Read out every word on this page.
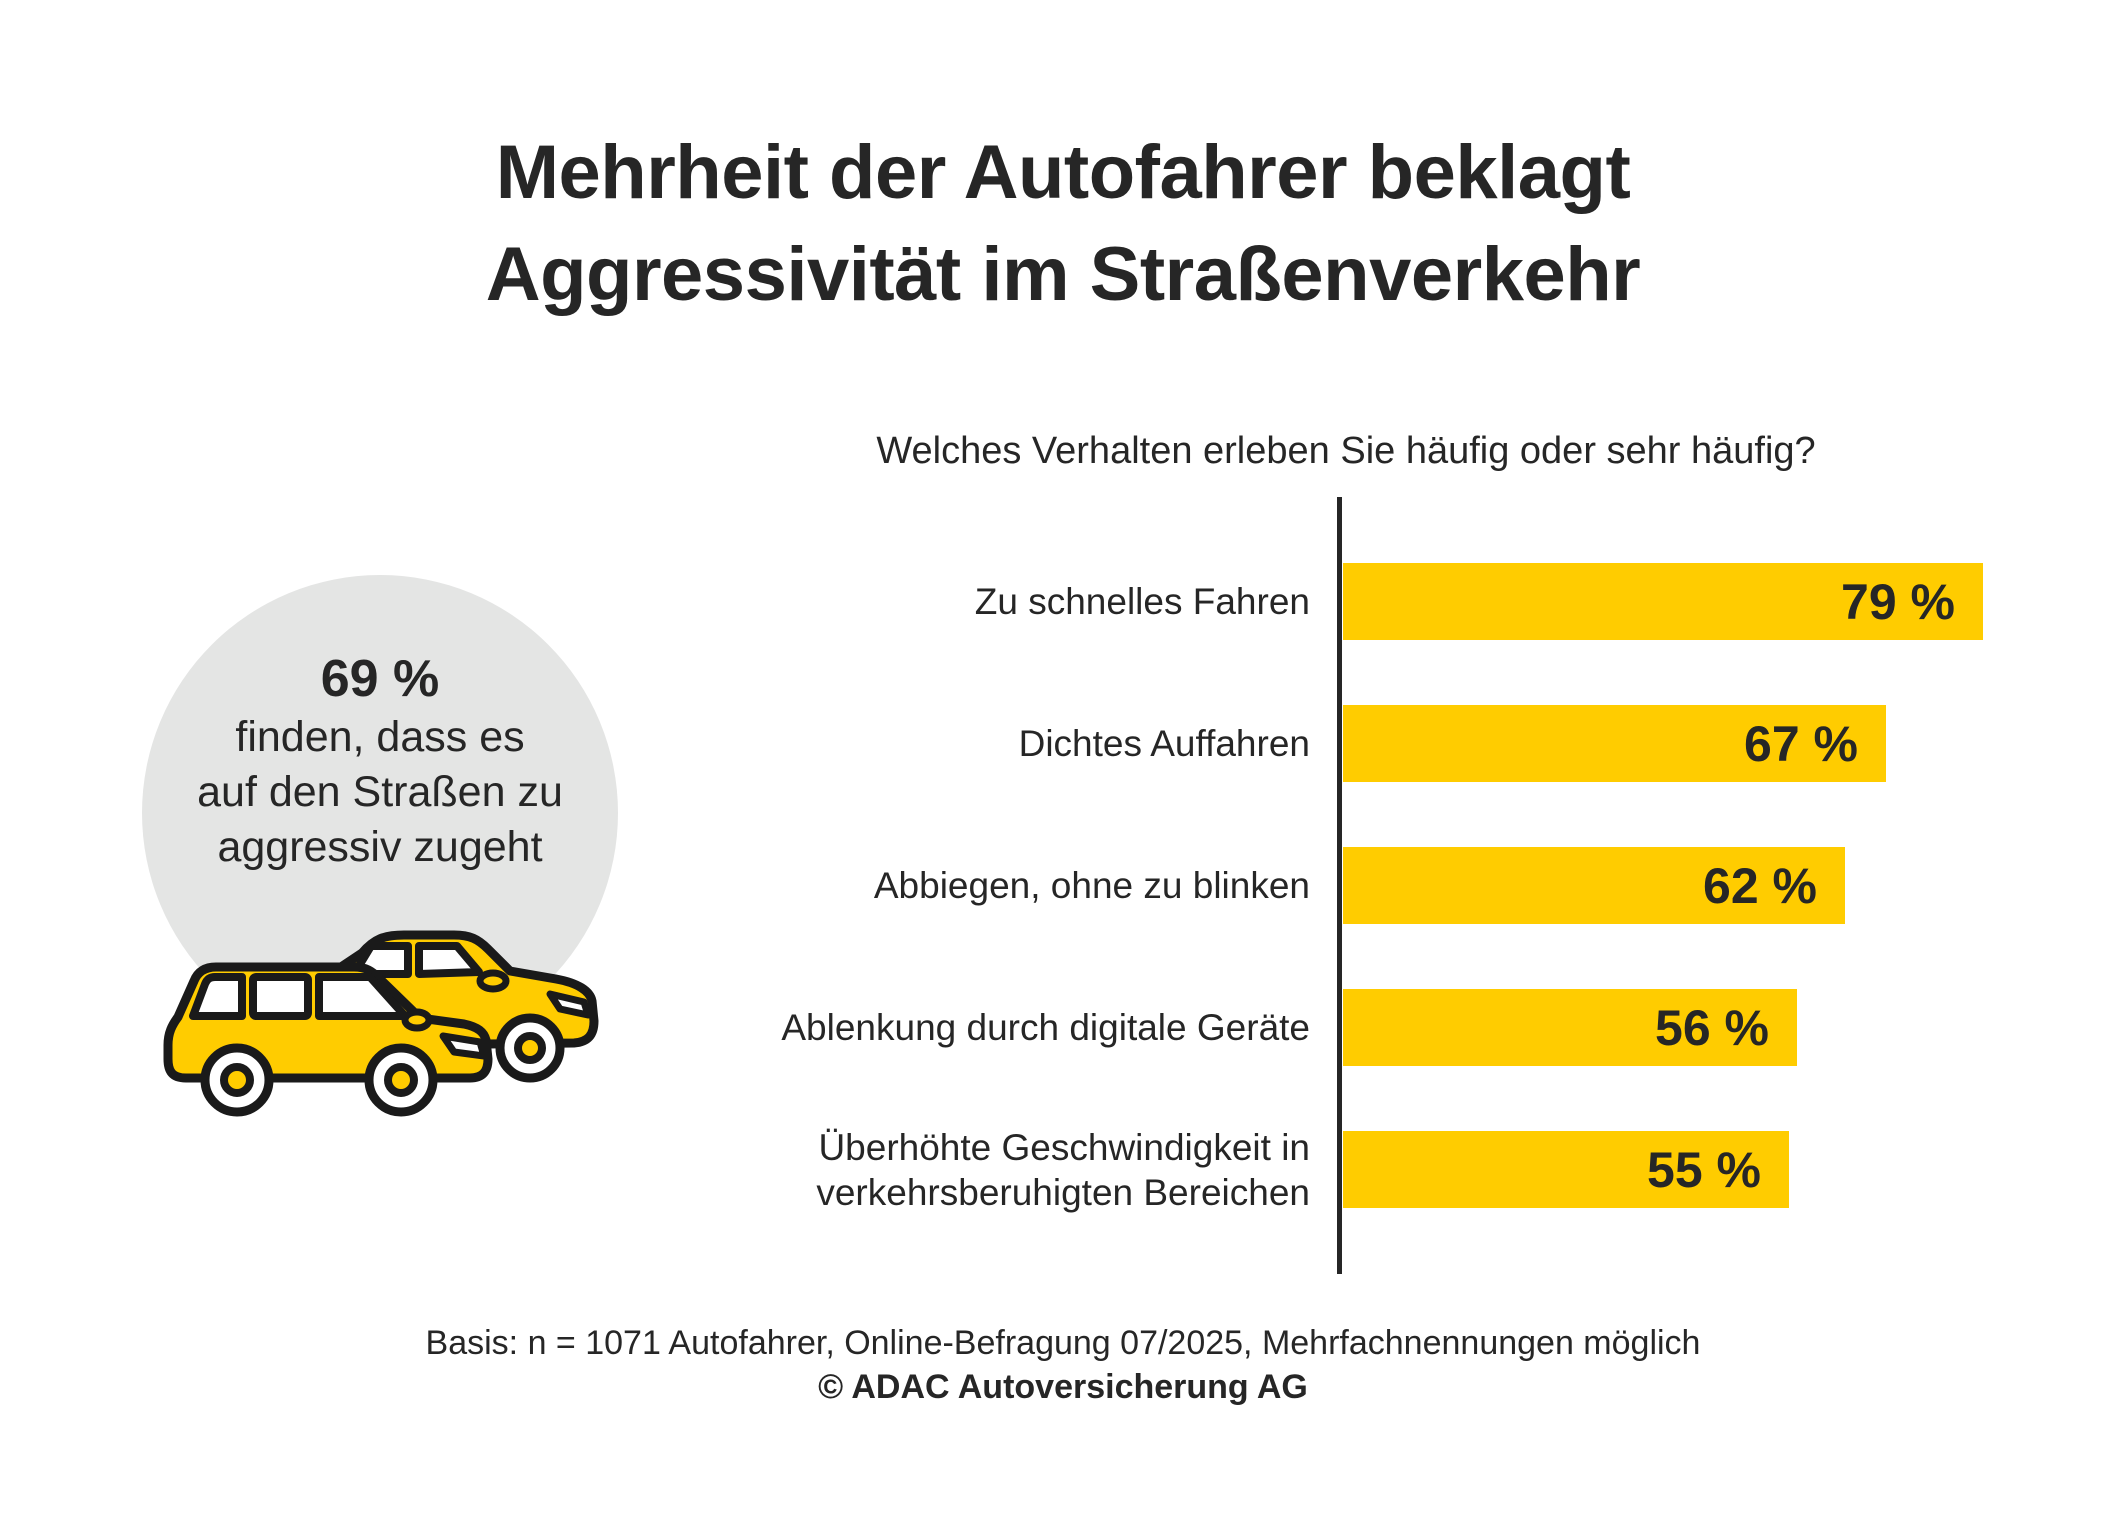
Mehrheit der Autofahrer beklagt
Aggressivität im Straßenverkehr
Welches Verhalten erleben Sie häufig oder sehr häufig?
69 %
finden, dass es
auf den Straßen zu
aggressiv zugeht
Zu schnelles Fahren	79 %
Dichtes Auffahren	67 %
Abbiegen, ohne zu blinken	62 %
Ablenkung durch digitale Geräte	56 %
Überhöhte Geschwindigkeit in verkehrsberuhigten Bereichen	55 %
Basis: n = 1071 Autofahrer, Online-Befragung 07/2025, Mehrfachnennungen möglich
© ADAC Autoversicherung AG
